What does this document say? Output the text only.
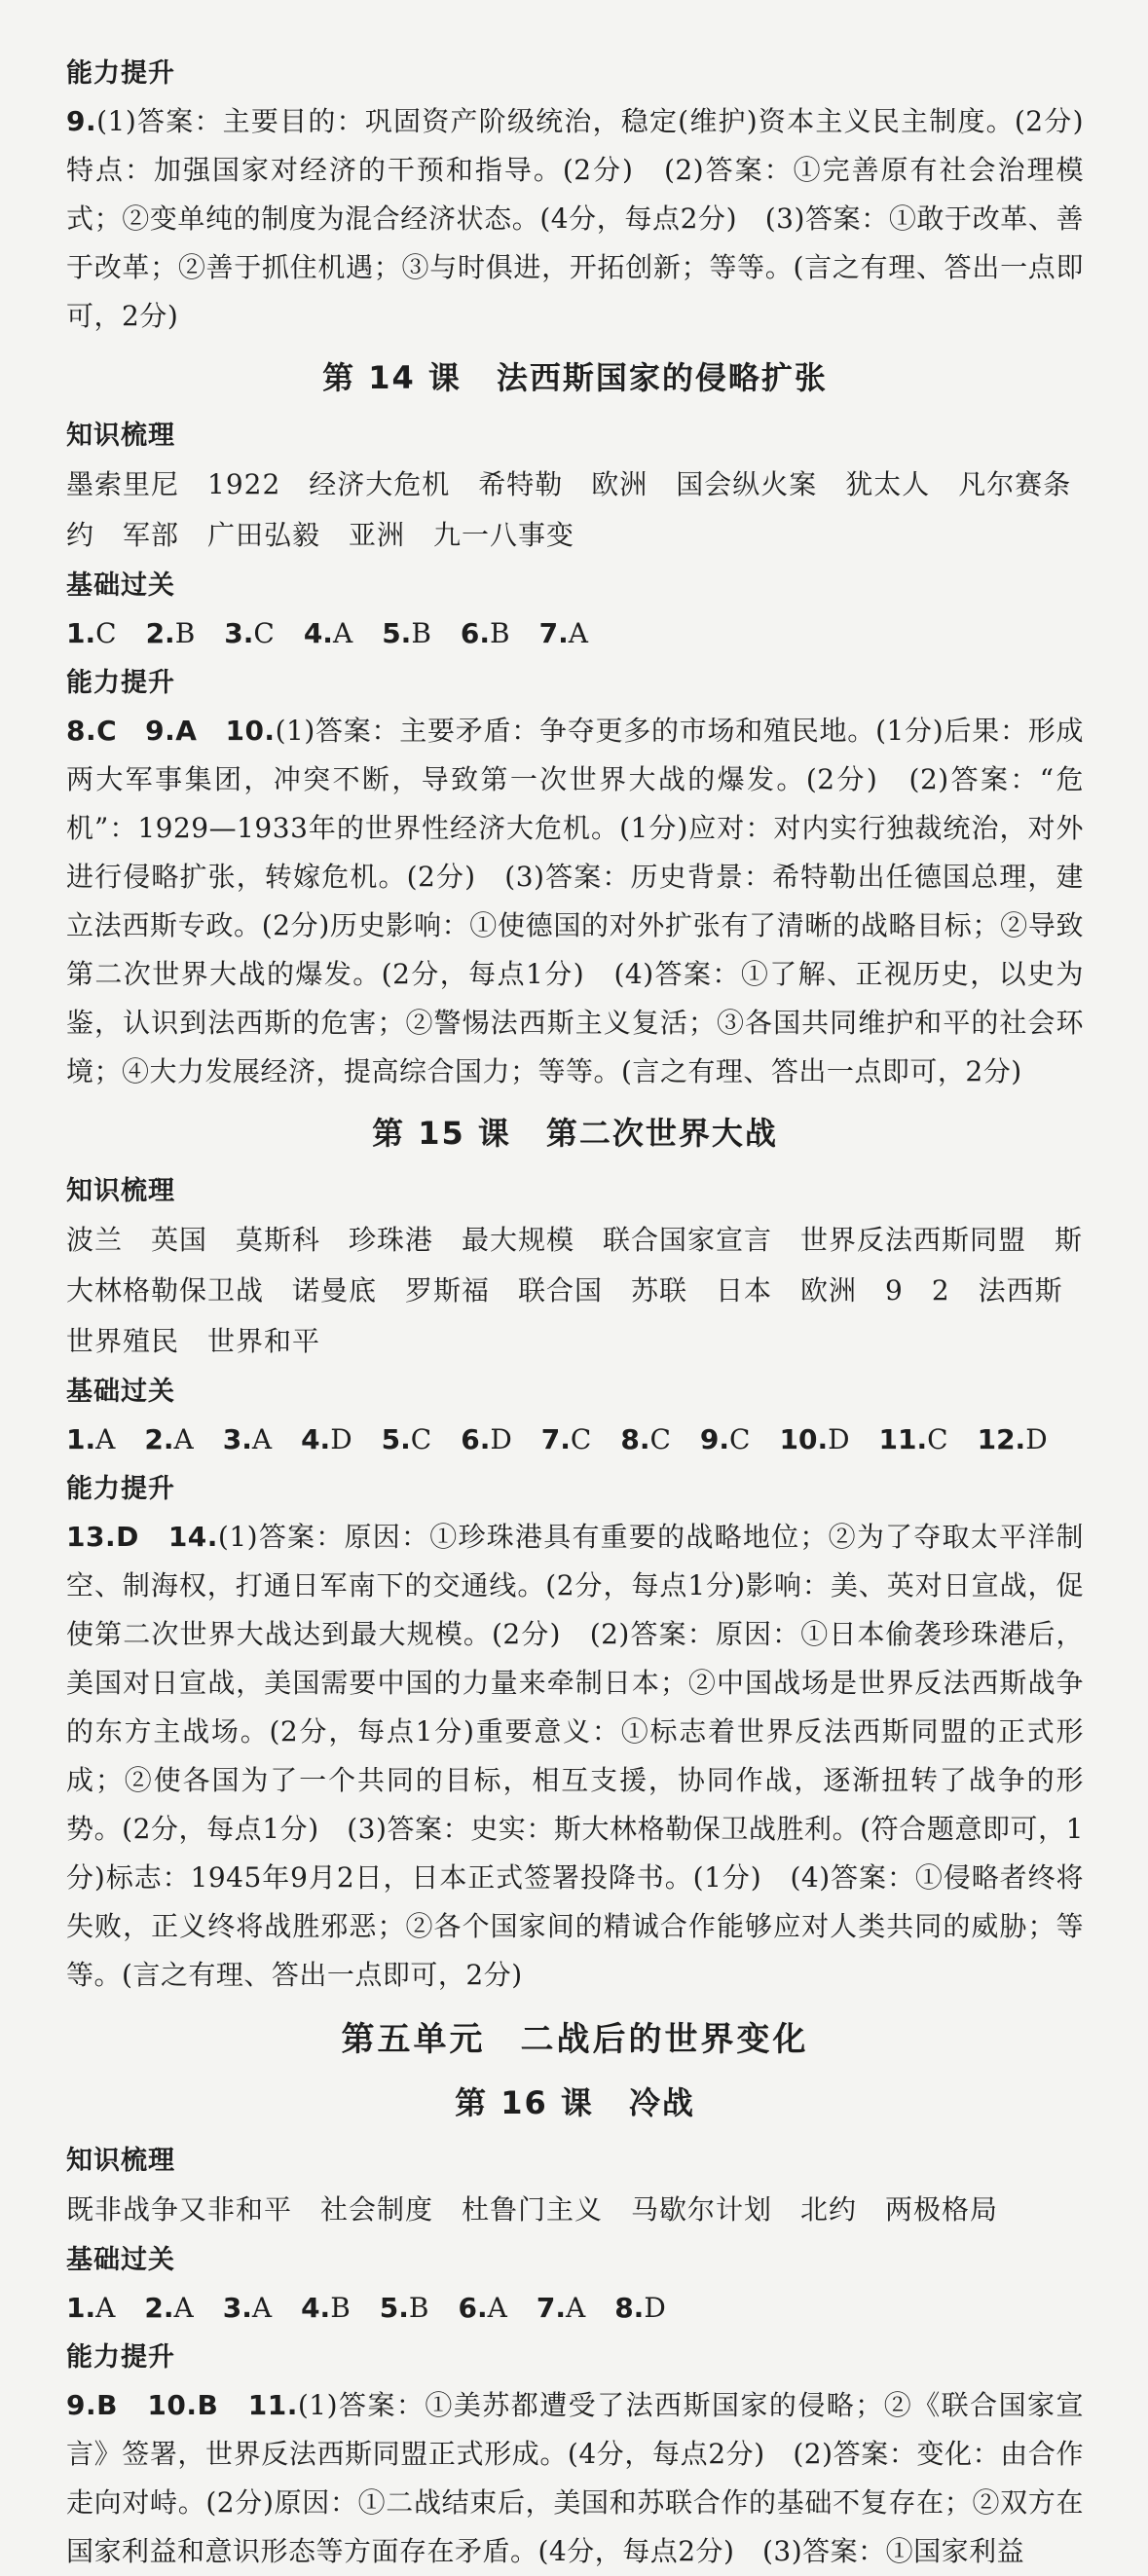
能力提升
9.(1)答案：主要目的：巩固资产阶级统治，稳定(维护)资本主义民主制度。(2分)特点：加强国家对经济的干预和指导。(2分)　(2)答案：①完善原有社会治理模式；②变单纯的制度为混合经济状态。(4分，每点2分)　(3)答案：①敢于改革、善于改革；②善于抓住机遇；③与时俱进，开拓创新；等等。(言之有理、答出一点即可，2分)
第 14 课 法西斯国家的侵略扩张
知识梳理
墨索里尼　1922　经济大危机　希特勒　欧洲　国会纵火案　犹太人　凡尔赛条约　军部　广田弘毅　亚洲　九一八事变
基础过关
1.C 2.B 3.C 4.A 5.B 6.B 7.A
能力提升
8.C　9.A　10.(1)答案：主要矛盾：争夺更多的市场和殖民地。(1分)后果：形成两大军事集团，冲突不断，导致第一次世界大战的爆发。(2分)　(2)答案：“危机”：1929—1933年的世界性经济大危机。(1分)应对：对内实行独裁统治，对外进行侵略扩张，转嫁危机。(2分)　(3)答案：历史背景：希特勒出任德国总理，建立法西斯专政。(2分)历史影响：①使德国的对外扩张有了清晰的战略目标；②导致第二次世界大战的爆发。(2分，每点1分)　(4)答案：①了解、正视历史，以史为鉴，认识到法西斯的危害；②警惕法西斯主义复活；③各国共同维护和平的社会环境；④大力发展经济，提高综合国力；等等。(言之有理、答出一点即可，2分)
第 15 课 第二次世界大战
知识梳理
波兰　英国　莫斯科　珍珠港　最大规模　联合国家宣言　世界反法西斯同盟　斯大林格勒保卫战　诺曼底　罗斯福　联合国　苏联　日本　欧洲　9　2　法西斯　世界殖民　世界和平
基础过关
1.A 2.A 3.A 4.D 5.C 6.D 7.C 8.C 9.C 10.D 11.C 12.D
能力提升
13.D　14.(1)答案：原因：①珍珠港具有重要的战略地位；②为了夺取太平洋制空、制海权，打通日军南下的交通线。(2分，每点1分)影响：美、英对日宣战，促使第二次世界大战达到最大规模。(2分)　(2)答案：原因：①日本偷袭珍珠港后，美国对日宣战，美国需要中国的力量来牵制日本；②中国战场是世界反法西斯战争的东方主战场。(2分，每点1分)重要意义：①标志着世界反法西斯同盟的正式形成；②使各国为了一个共同的目标，相互支援，协同作战，逐渐扭转了战争的形势。(2分，每点1分)　(3)答案：史实：斯大林格勒保卫战胜利。(符合题意即可，1分)标志：1945年9月2日，日本正式签署投降书。(1分)　(4)答案：①侵略者终将失败，正义终将战胜邪恶；②各个国家间的精诚合作能够应对人类共同的威胁；等等。(言之有理、答出一点即可，2分)
第五单元 二战后的世界变化
第 16 课 冷战
知识梳理
既非战争又非和平　社会制度　杜鲁门主义　马歇尔计划　北约　两极格局
基础过关
1.A 2.A 3.A 4.B 5.B 6.A 7.A 8.D
能力提升
9.B　10.B　11.(1)答案：①美苏都遭受了法西斯国家的侵略；②《联合国家宣言》签署，世界反法西斯同盟正式形成。(4分，每点2分)　(2)答案：变化：由合作走向对峙。(2分)原因：①二战结束后，美国和苏联合作的基础不复存在；②双方在国家利益和意识形态等方面存在矛盾。(4分，每点2分)　(3)答案：①国家利益
